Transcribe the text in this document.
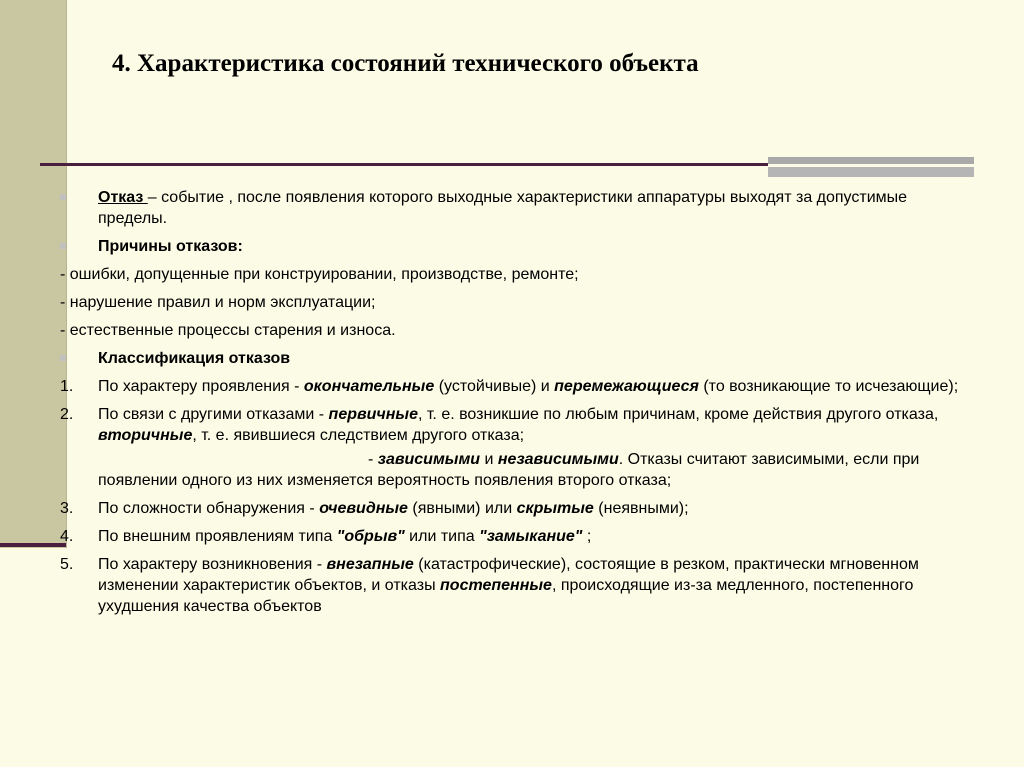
4. Характеристика состояний технического объекта
Отказ – событие , после появления которого выходные характеристики аппаратуры выходят за допустимые пределы.
Причины отказов:
- ошибки, допущенные при конструировании, производстве, ремонте;
- нарушение правил и норм эксплуатации;
- естественные процессы старения и износа.
Классификация отказов
1. По характеру проявления - окончательные (устойчивые) и перемежающиеся (то возникающие то исчезающие);
2. По связи с другими отказами - первичные, т. е. возникшие по любым причинам, кроме действия другого отказа, вторичные, т. е. явившиеся следствием другого отказа;
- зависимыми и независимыми. Отказы считают зависимыми, если при появлении одного из них изменяется вероятность появления второго отказа;
3. По сложности обнаружения - очевидные (явными) или скрытые (неявными);
4. По внешним проявлениям типа "обрыв" или типа "замыкание" ;
5. По характеру возникновения - внезапные (катастрофические), состоящие в резком, практически мгновенном изменении характеристик объектов, и отказы постепенные, происходящие из-за медленного, постепенного ухудшения качества объектов
